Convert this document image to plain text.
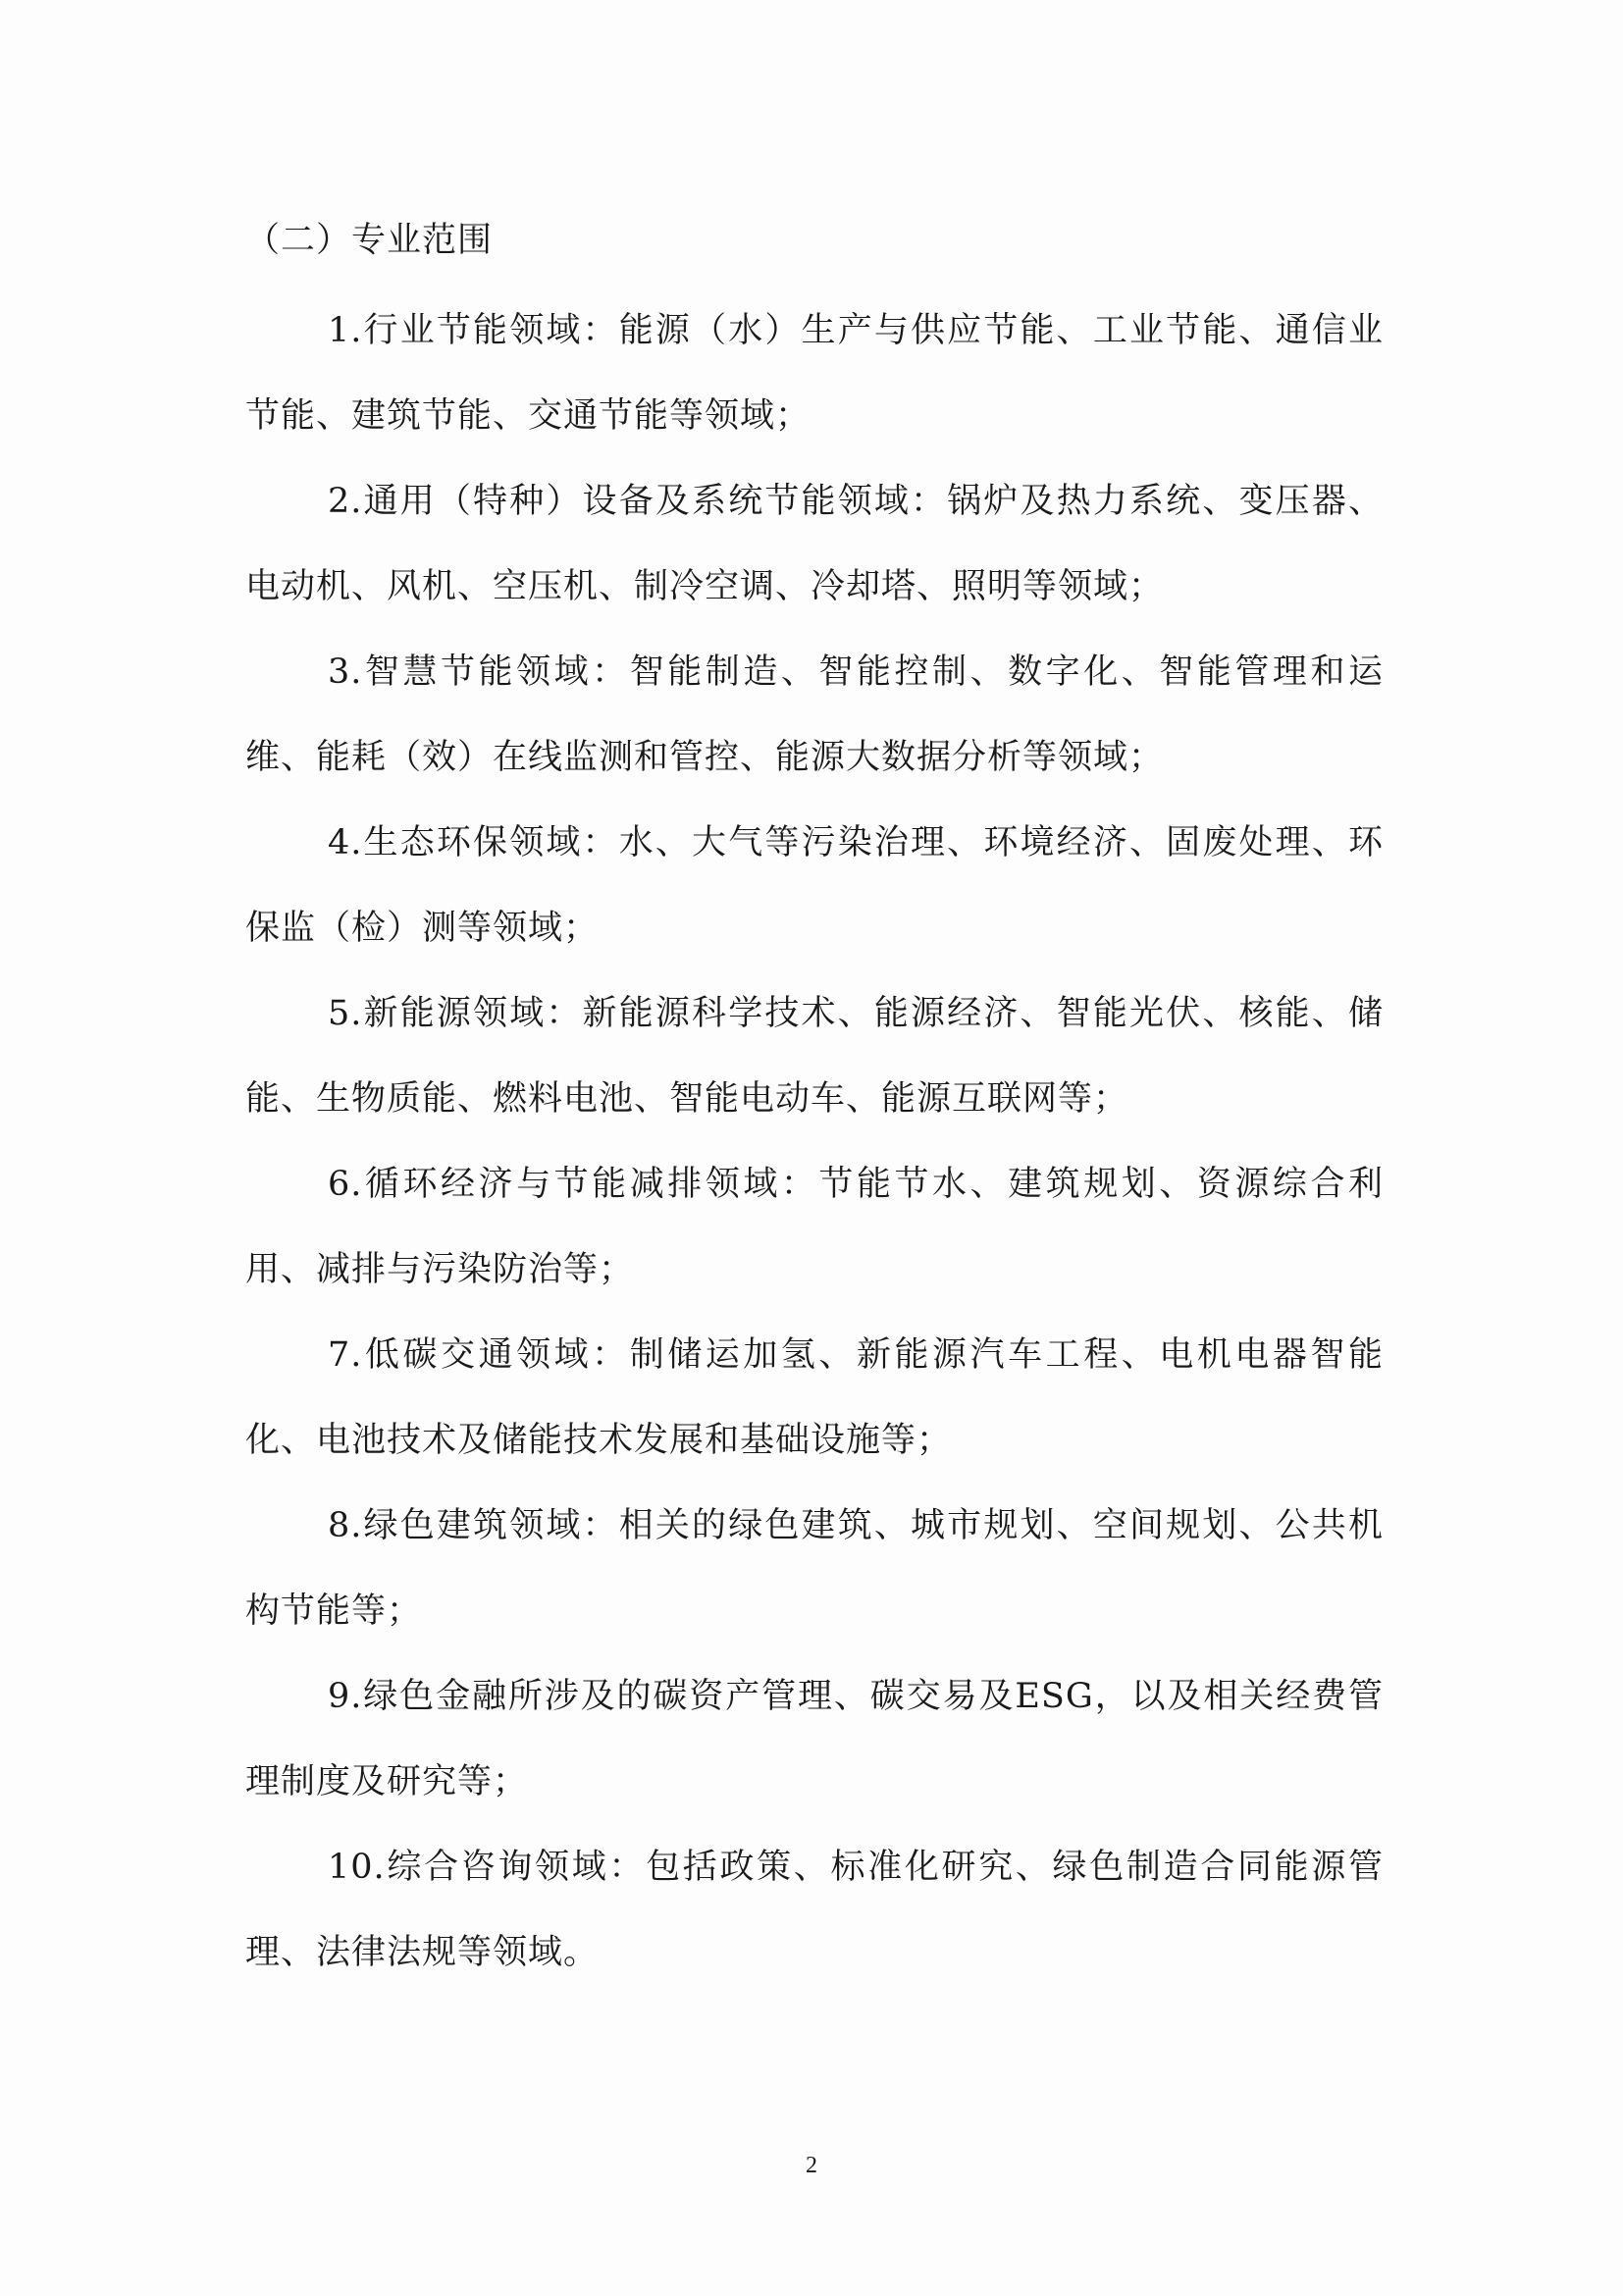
（二）专业范围

1.行业节能领域：能源（水）生产与供应节能、工业节能、通信业节能、建筑节能、交通节能等领域；

2.通用（特种）设备及系统节能领域：锅炉及热力系统、变压器、电动机、风机、空压机、制冷空调、冷却塔、照明等领域；

3.智慧节能领域：智能制造、智能控制、数字化、智能管理和运维、能耗（效）在线监测和管控、能源大数据分析等领域；

4.生态环保领域：水、大气等污染治理、环境经济、固废处理、环保监（检）测等领域；

5.新能源领域：新能源科学技术、能源经济、智能光伏、核能、储能、生物质能、燃料电池、智能电动车、能源互联网等；

6.循环经济与节能减排领域：节能节水、建筑规划、资源综合利用、减排与污染防治等；

7.低碳交通领域：制储运加氢、新能源汽车工程、电机电器智能化、电池技术及储能技术发展和基础设施等；

8.绿色建筑领域：相关的绿色建筑、城市规划、空间规划、公共机构节能等；

9.绿色金融所涉及的碳资产管理、碳交易及ESG，以及相关经费管理制度及研究等；

10.综合咨询领域：包括政策、标准化研究、绿色制造合同能源管理、法律法规等领域。

2
